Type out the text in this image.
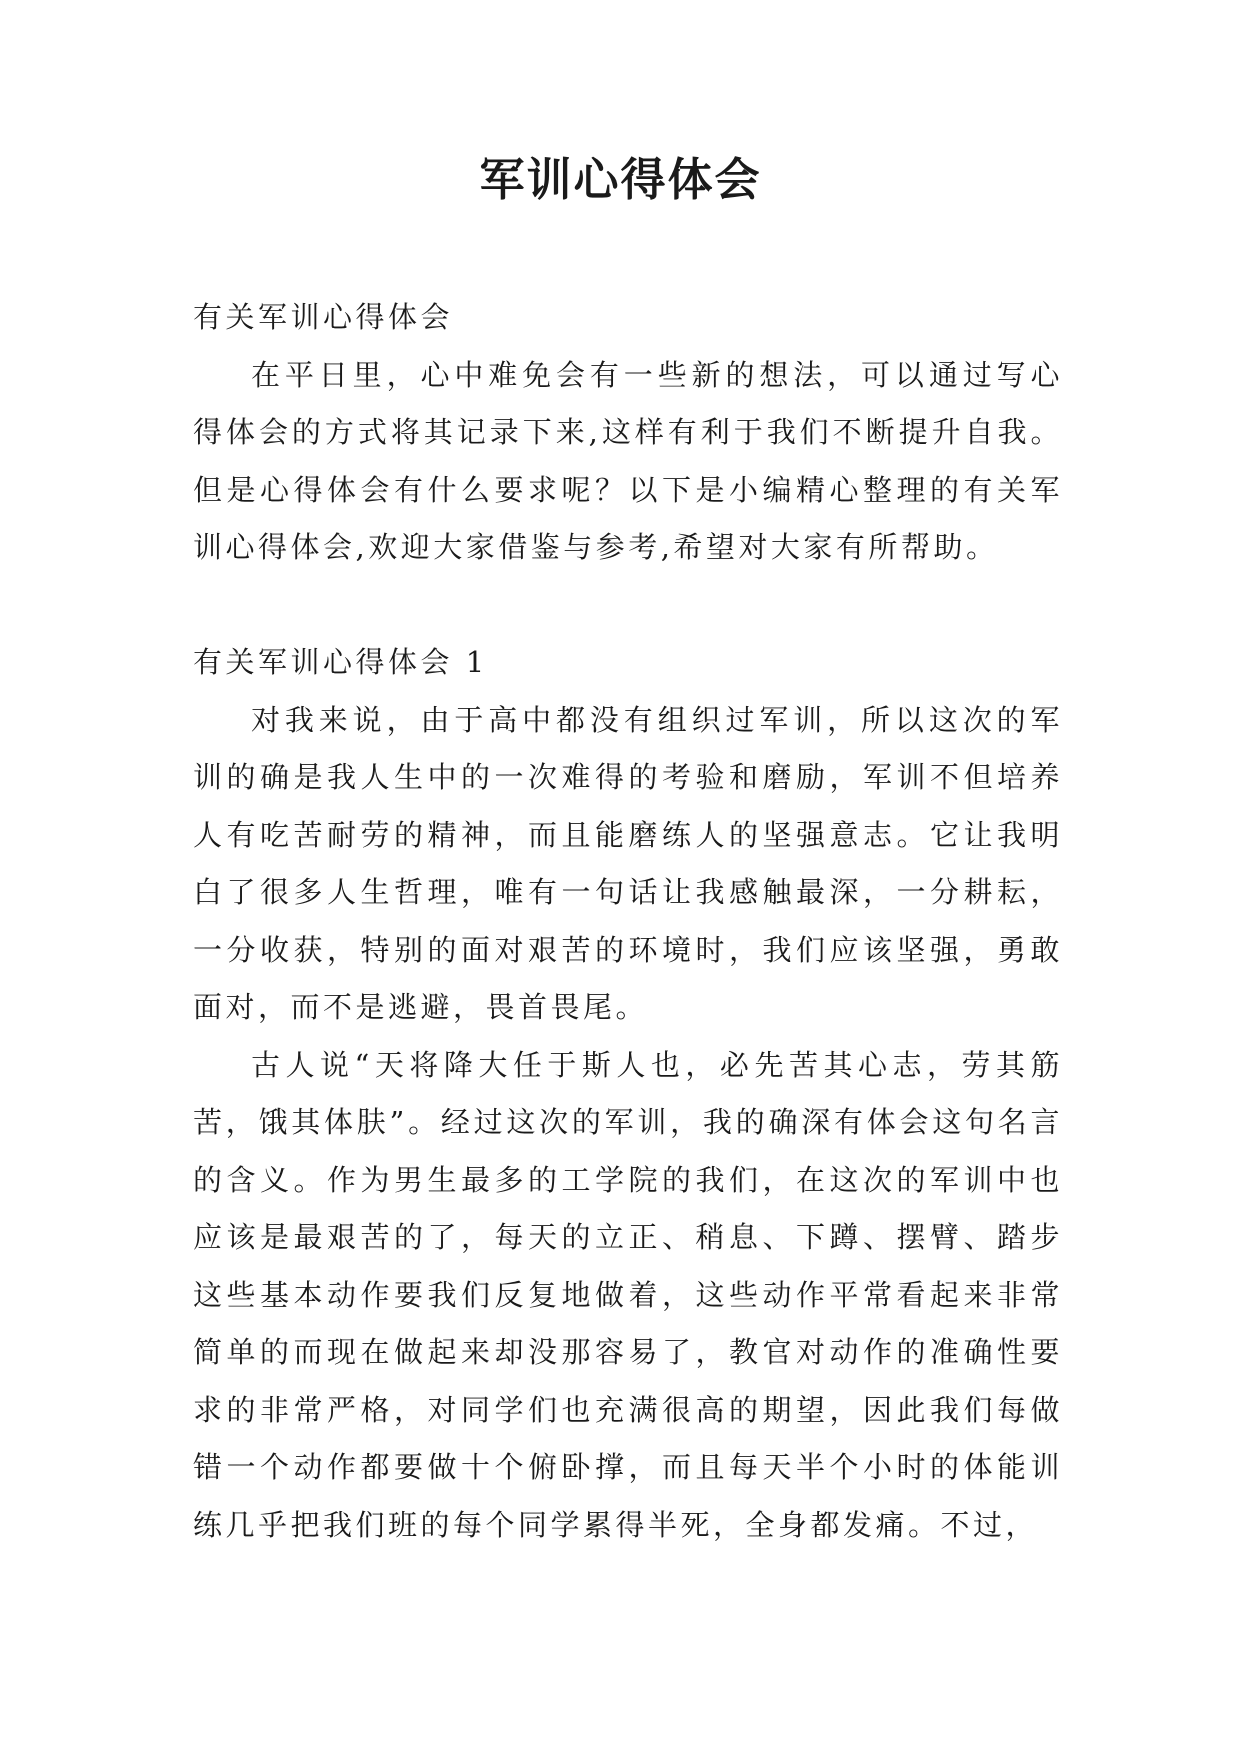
军训心得体会

有关军训心得体会

在平日里，心中难免会有一些新的想法，可以通过写心得体会的方式将其记录下来,这样有利于我们不断提升自我。但是心得体会有什么要求呢？以下是小编精心整理的有关军训心得体会,欢迎大家借鉴与参考,希望对大家有所帮助。

有关军训心得体会 1

对我来说，由于高中都没有组织过军训，所以这次的军训的确是我人生中的一次难得的考验和磨励，军训不但培养人有吃苦耐劳的精神，而且能磨练人的坚强意志。它让我明白了很多人生哲理，唯有一句话让我感触最深，一分耕耘，一分收获，特别的面对艰苦的环境时，我们应该坚强，勇敢面对，而不是逃避，畏首畏尾。

古人说“天将降大任于斯人也，必先苦其心志，劳其筋苦，饿其体肤”。经过这次的军训，我的确深有体会这句名言的含义。作为男生最多的工学院的我们，在这次的军训中也应该是最艰苦的了，每天的立正、稍息、下蹲、摆臂、踏步这些基本动作要我们反复地做着，这些动作平常看起来非常简单的而现在做起来却没那容易了，教官对动作的准确性要求的非常严格，对同学们也充满很高的期望，因此我们每做错一个动作都要做十个俯卧撑，而且每天半个小时的体能训练几乎把我们班的每个同学累得半死，全身都发痛。不过，
